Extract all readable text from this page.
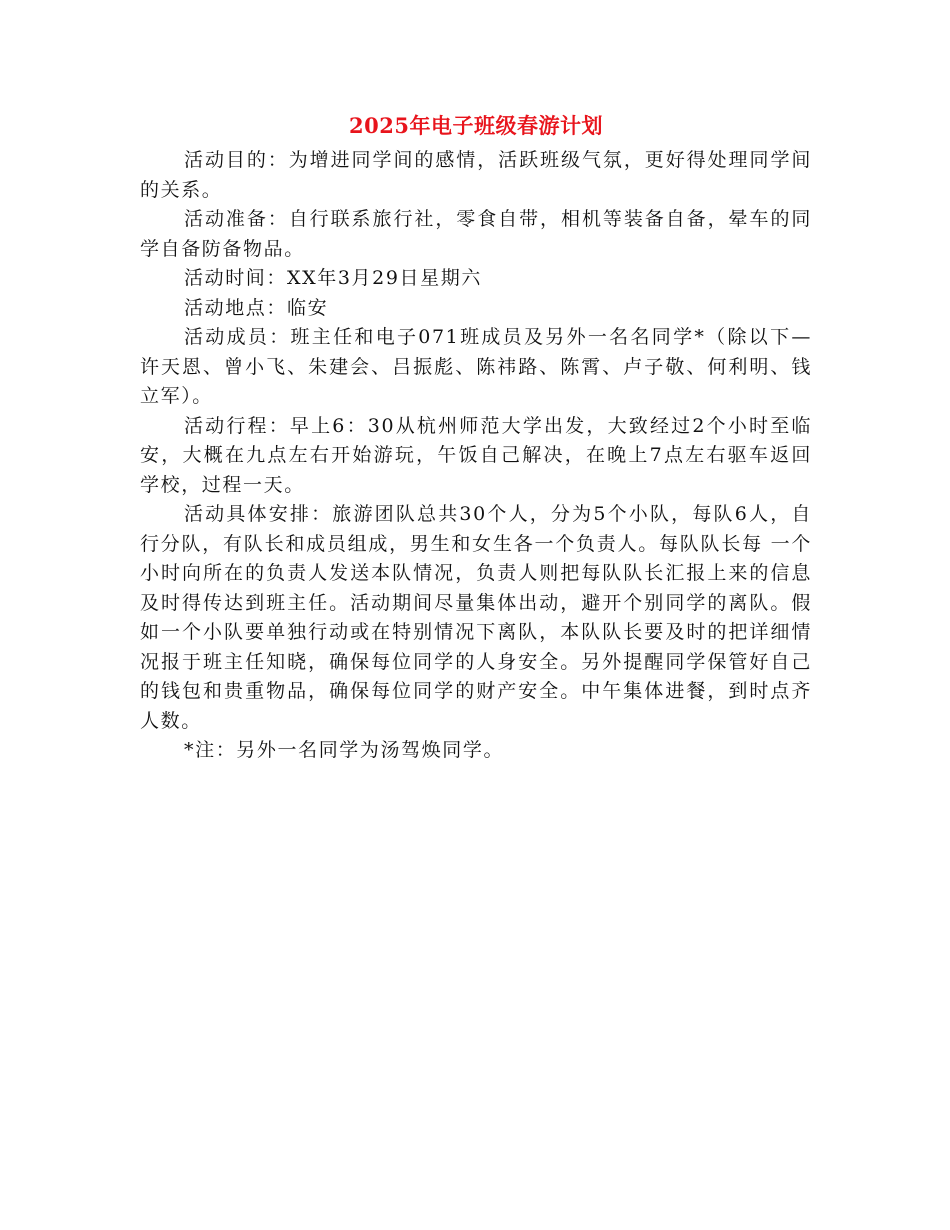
2025年电子班级春游计划

活动目的：为增进同学间的感情，活跃班级气氛，更好得处理同学间的关系。

活动准备：自行联系旅行社，零食自带，相机等装备自备，晕车的同学自备防备物品。

活动时间：XX年3月29日星期六

活动地点：临安

活动成员：班主任和电子071班成员及另外一名名同学*（除以下—许天恩、曾小飞、朱建会、吕振彪、陈祎路、陈霄、卢子敬、何利明、钱立军）。

活动行程：早上6：30从杭州师范大学出发，大致经过2个小时至临安，大概在九点左右开始游玩，午饭自己解决，在晚上7点左右驱车返回学校，过程一天。

活动具体安排：旅游团队总共30个人，分为5个小队，每队6人，自行分队，有队长和成员组成，男生和女生各一个负责人。每队队长每 一个小时向所在的负责人发送本队情况，负责人则把每队队长汇报上来的信息及时得传达到班主任。活动期间尽量集体出动，避开个别同学的离队。假如一个小队要单独行动或在特别情况下离队，本队队长要及时的把详细情况报于班主任知晓，确保每位同学的人身安全。另外提醒同学保管好自己的钱包和贵重物品，确保每位同学的财产安全。中午集体进餐，到时点齐人数。

*注：另外一名同学为汤驾焕同学。
